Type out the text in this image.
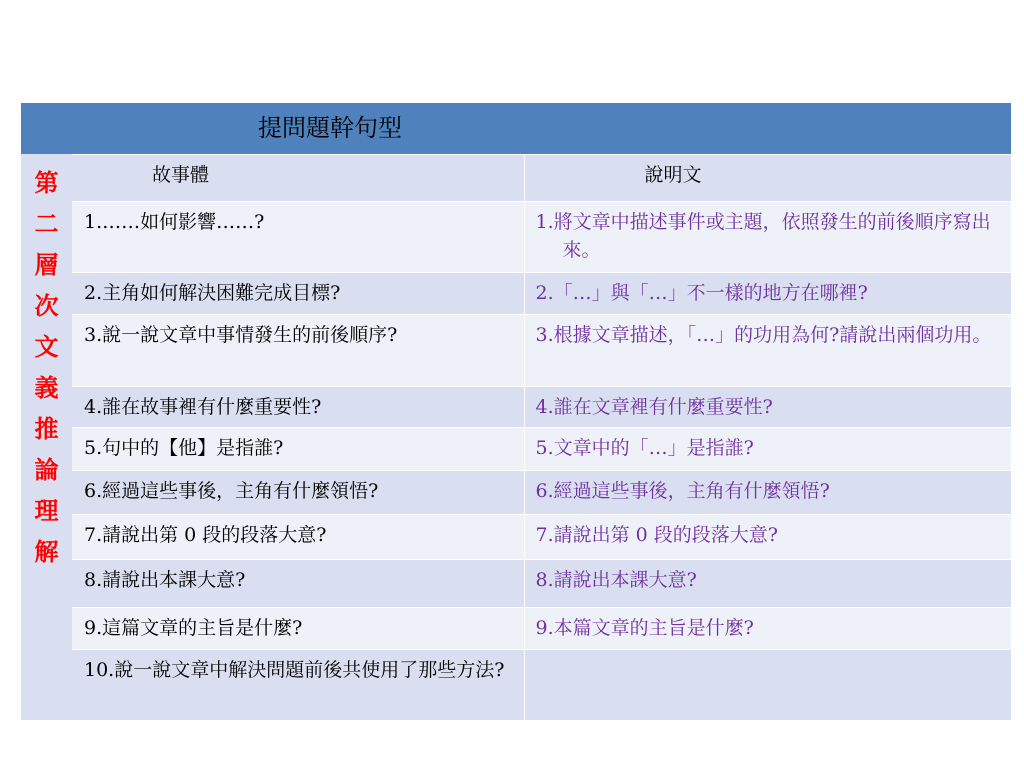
提問題幹句型
第
二
層
次
文
義
推
論
理
解
故事體	說明文
1.……如何影響……?	1.將文章中描述事件或主題，依照發生的前後順序寫出來。

2.主角如何解決困難完成目標?	2.「…」與「…」不一樣的地方在哪裡?
3.說一說文章中事情發生的前後順序?	3.根據文章描述，「…」的功用為何?請說出兩個功用。
4.誰在故事裡有什麼重要性?	4.誰在文章裡有什麼重要性?
5.句中的【他】是指誰?	5.文章中的「…」是指誰?
6.經過這些事後，主角有什麼領悟?	6.經過這些事後，主角有什麼領悟?
7.請說出第 0 段的段落大意?	7.請說出第 0 段的段落大意?
8.請說出本課大意?	8.請說出本課大意?
9.這篇文章的主旨是什麼?	9.本篇文章的主旨是什麼?
10.說一說文章中解決問題前後共使用了那些方法?	
